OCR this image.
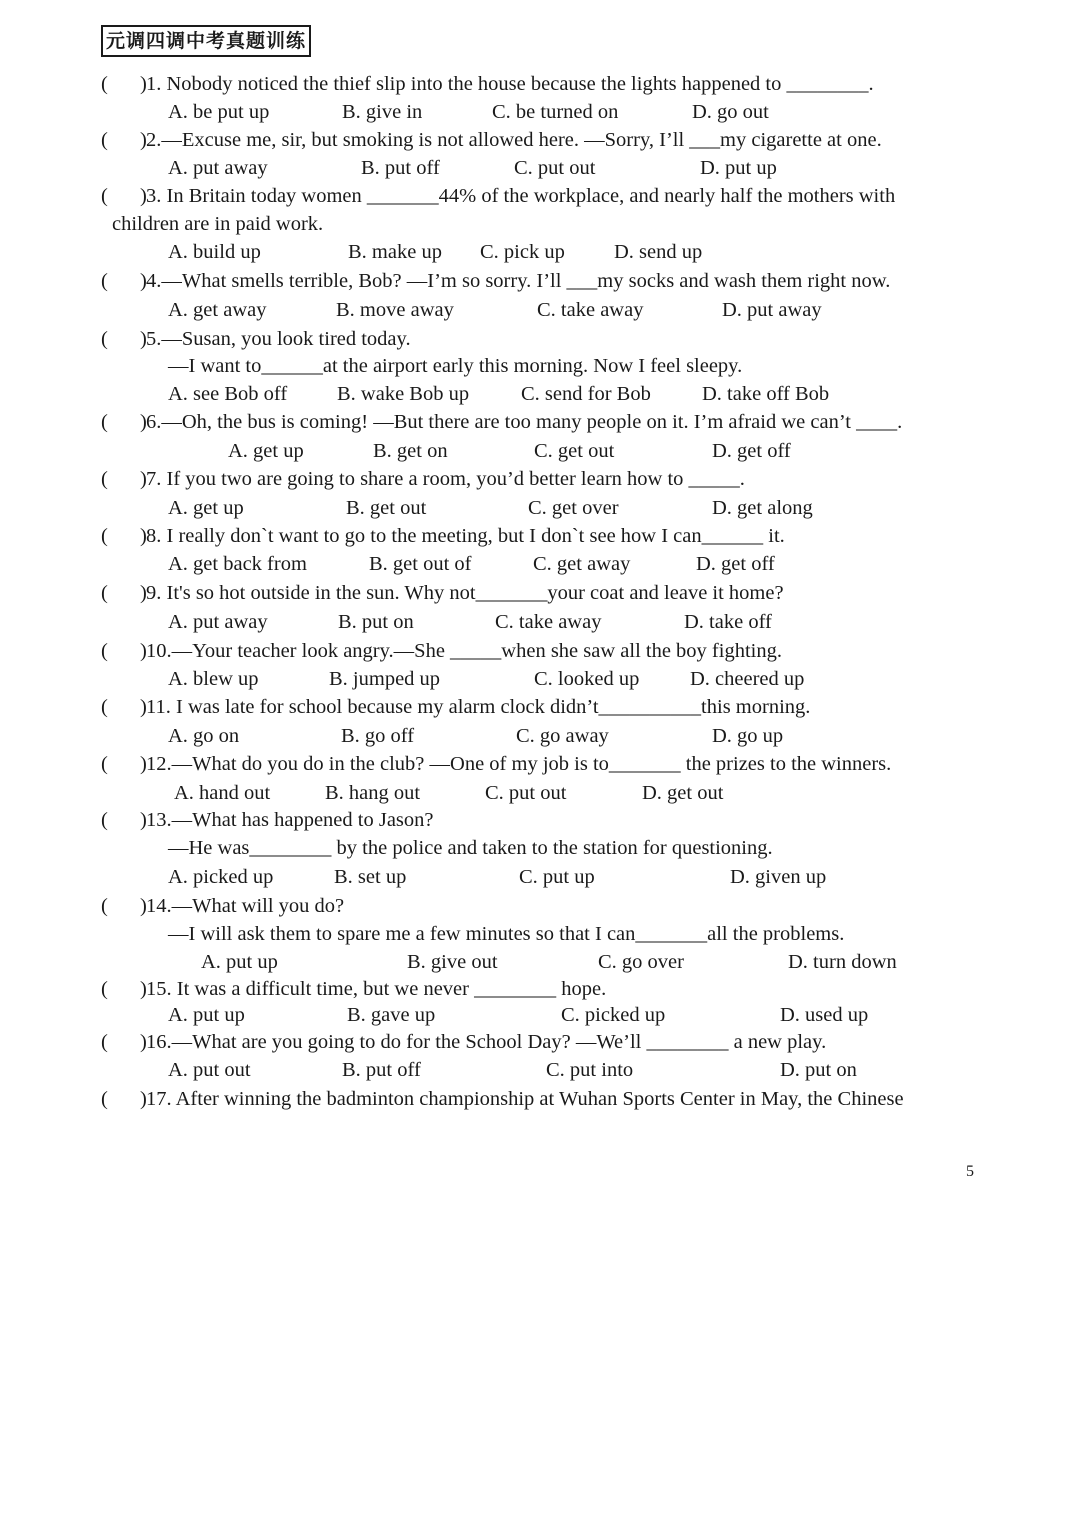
元调四调中考真题训练
( ) 1. Nobody noticed the thief slip into the house because the lights happened to ________.
A. be put up	B. give in	C. be turned on	D. go out
( ) 2.—Excuse me, sir, but smoking is not allowed here. —Sorry, I’ll ___my cigarette at one.
A. put away	B. put off	C. put out	D. put up
( ) 3. In Britain today women _______44% of the workplace, and nearly half the mothers with
children are in paid work.
A. build up	B. make up C. pick up D. send up
( ) 4.—What smells terrible, Bob? —I’m so sorry. I’ll ___my socks and wash them right now.
A. get away	B. move away	C. take away	D. put away
( ) 5.—Susan, you look tired today.
—I want to______at the airport early this morning. Now I feel sleepy.
A. see Bob off B. wake Bob up	C. send for Bob D. take off Bob
( ) 6.—Oh, the bus is coming! —But there are too many people on it. I’m afraid we can’t ____.
A. get up	B. get on	C. get out	D. get off
( ) 7. If you two are going to share a room, you’d better learn how to _____.
A. get up	B. get out	C. get over	D. get along
( ) 8. I really don`t want to go to the meeting, but I don`t see how I can______ it.
A. get back from	B. get out of	C. get away	D. get off
( ) 9. It's so hot outside in the sun. Why not_______your coat and leave it home?
A. put away	B. put on	C. take away	D. take off
( ) 10.—Your teacher look angry.—She _____when she saw all the boy fighting.
A. blew up	B. jumped up	C. looked up D. cheered up
( ) 11. I was late for school because my alarm clock didn’t__________this morning.
A. go on	B. go off	C. go away	D. go up
( ) 12.—What do you do in the club? —One of my job is to_______ the prizes to the winners.
A. hand out	B. hang out	C. put out	D. get out
( ) 13.—What has happened to Jason?
—He was________ by the police and taken to the station for questioning.
A. picked up	B. set up	C. put up	D. given up
( ) 14.—What will you do?
—I will ask them to spare me a few minutes so that I can_______all the problems.
A. put up	B. give out	C. go over	D. turn down
( ) 15. It was a difficult time, but we never ________ hope.
A. put up	B. gave up	C. picked up	D. used up
( ) 16.—What are you going to do for the School Day? —We’ll ________ a new play.
A. put out	B. put off	C. put into	D. put on
( ) 17. After winning the badminton championship at Wuhan Sports Center in May, the Chinese
5
